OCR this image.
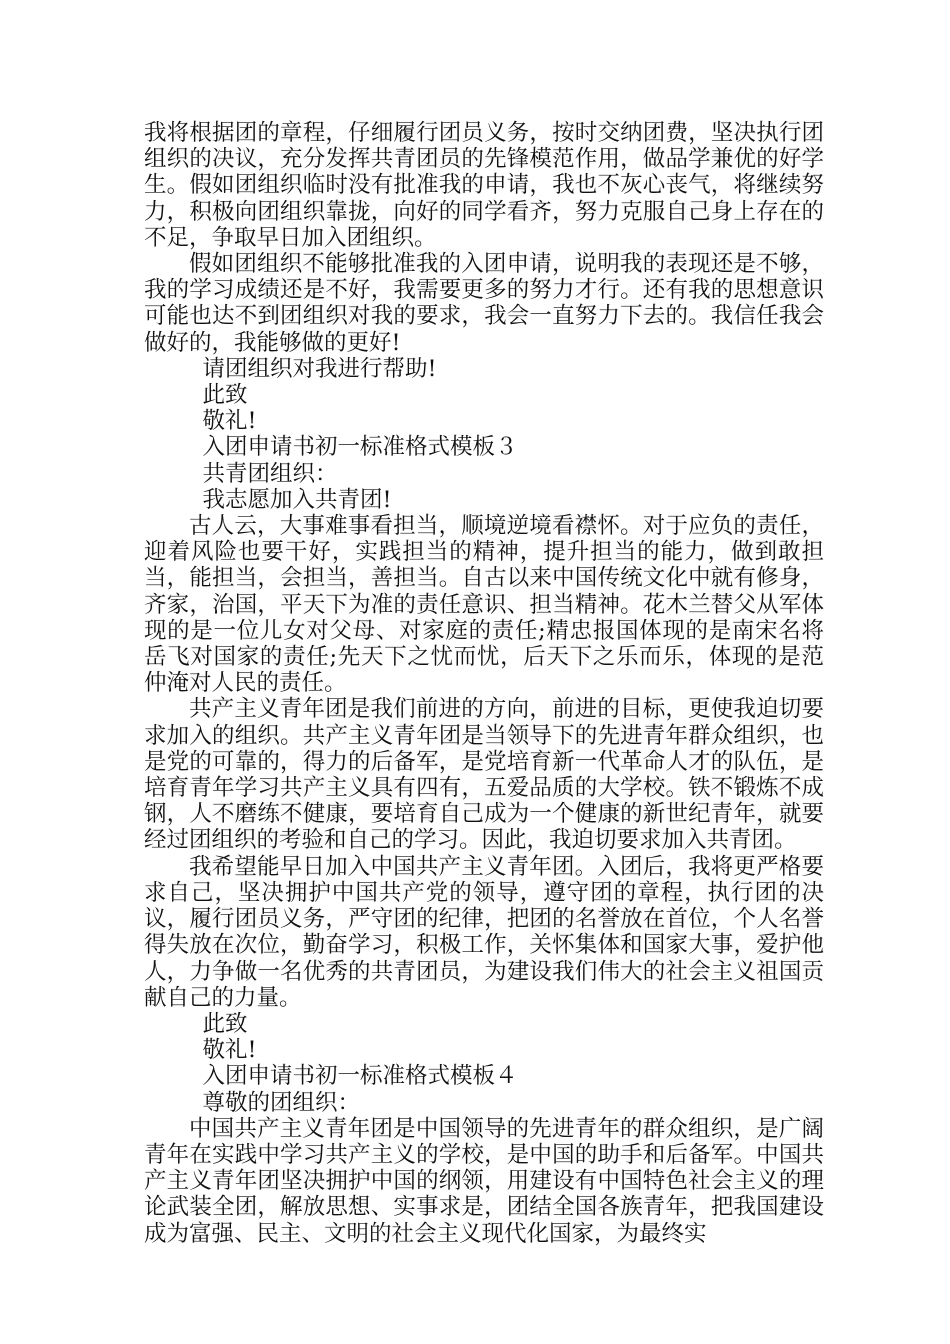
我将根据团的章程，仔细履行团员义务，按时交纳团费，坚决执行团组织的决议，充分发挥共青团员的先锋模范作用，做品学兼优的好学生。假如团组织临时没有批准我的申请，我也不灰心丧气，将继续努力，积极向团组织靠拢，向好的同学看齐，努力克服自己身上存在的不足，争取早日加入团组织。

假如团组织不能够批准我的入团申请，说明我的表现还是不够，我的学习成绩还是不好，我需要更多的努力才行。还有我的思想意识可能也达不到团组织对我的要求，我会一直努力下去的。我信任我会做好的，我能够做的更好!

请团组织对我进行帮助!

此致

敬礼!

入团申请书初一标准格式模板３

共青团组织：

我志愿加入共青团!

古人云，大事难事看担当，顺境逆境看襟怀。对于应负的责任，迎着风险也要干好，实践担当的精神，提升担当的能力，做到敢担当，能担当，会担当，善担当。自古以来中国传统文化中就有修身，齐家，治国，平天下为准的责任意识、担当精神。花木兰替父从军体现的是一位儿女对父母、对家庭的责任;精忠报国体现的是南宋名将岳飞对国家的责任;先天下之忧而忧，后天下之乐而乐，体现的是范仲淹对人民的责任。

共产主义青年团是我们前进的方向，前进的目标，更使我迫切要求加入的组织。共产主义青年团是当领导下的先进青年群众组织，也是党的可靠的，得力的后备军，是党培育新一代革命人才的队伍，是培育青年学习共产主义具有四有，五爱品质的大学校。铁不锻炼不成钢，人不磨练不健康，要培育自己成为一个健康的新世纪青年，就要经过团组织的考验和自己的学习。因此，我迫切要求加入共青团。

我希望能早日加入中国共产主义青年团。入团后，我将更严格要求自己，坚决拥护中国共产党的领导，遵守团的章程，执行团的决议，履行团员义务，严守团的纪律，把团的名誉放在首位，个人名誉得失放在次位，勤奋学习，积极工作，关怀集体和国家大事，爱护他人，力争做一名优秀的共青团员，为建设我们伟大的社会主义祖国贡献自己的力量。

此致

敬礼!

入团申请书初一标准格式模板４

尊敬的团组织：

中国共产主义青年团是中国领导的先进青年的群众组织，是广阔青年在实践中学习共产主义的学校，是中国的助手和后备军。中国共产主义青年团坚决拥护中国的纲领，用建设有中国特色社会主义的理论武装全团，解放思想、实事求是，团结全国各族青年，把我国建设成为富强、民主、文明的社会主义现代化国家，为最终实
